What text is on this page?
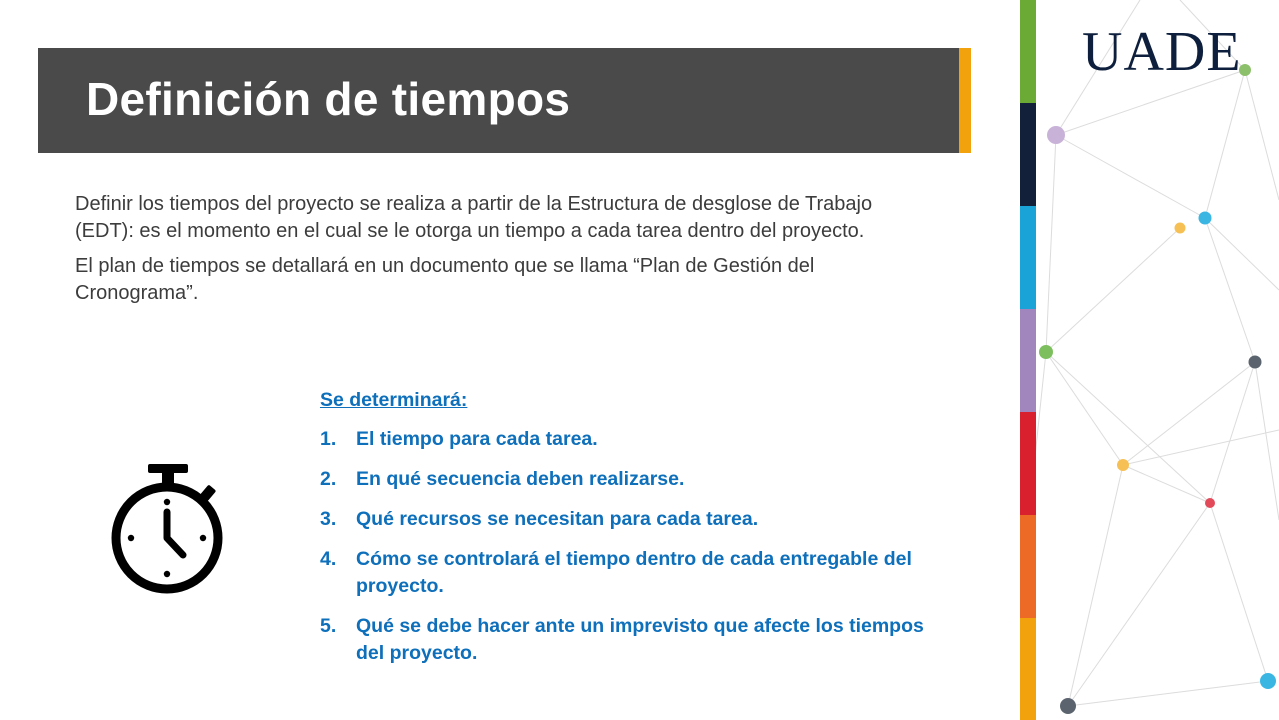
Definición de tiempos

Definir los tiempos del proyecto se realiza a partir de la Estructura de desglose de Trabajo (EDT): es el momento en el cual se le otorga un tiempo a cada tarea dentro del proyecto.

El plan de tiempos se detallará en un documento que se llama “Plan de Gestión del Cronograma”.

Se determinará:
1.	El tiempo para cada tarea.
2.	En qué secuencia deben realizarse.
3.	Qué recursos se necesitan para cada tarea.
4.	Cómo se controlará el tiempo dentro de cada entregable del proyecto.
5.	Qué se debe hacer ante un imprevisto que afecte los tiempos del proyecto.
UADE
